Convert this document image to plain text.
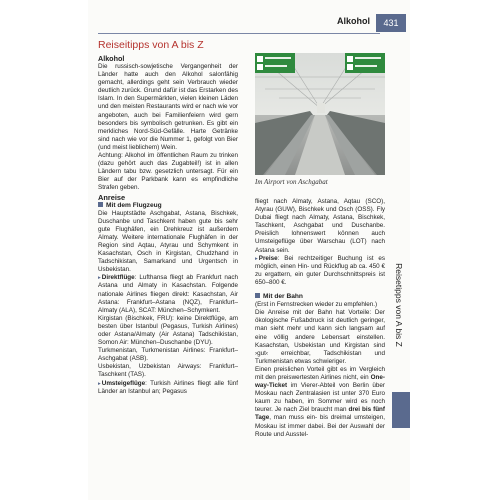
Alkohol	431
Reiseitipps von A bis Z

Alkohol

Die russisch-sowjetische Vergangenheit der Länder hatte auch den Alkohol salonfähig gemacht, allerdings geht sein Verbrauch wieder deutlich zurück. Grund dafür ist das Erstarken des Islam. In den Supermärkten, vielen kleinen Läden und den meisten Restaurants wird er nach wie vor angeboten, auch bei Familienfeiern wird gern besonders bis symbolisch getrunken. Es gibt ein merkliches Nord-Süd-Gefälle. Harte Getränke sind nach wie vor die Nummer 1, gefolgt von Bier (und meist lieblichem) Wein.

Achtung: Alkohol im öffentlichen Raum zu trinken (dazu gehört auch das Zugabteil!) ist in allen Ländern tabu bzw. gesetzlich untersagt. Für ein Bier auf der Parkbank kann es empfindliche Strafen geben.

Anreise

Mit dem Flugzeug

Die Hauptstädte Aschgabat, Astana, Bischkek, Duschanbe und Taschkent haben gute bis sehr gute Flughäfen, ein Drehkreuz ist außerdem Almaty. Weitere internationale Flughäfen in der Region sind Aqtau, Atyrau und Schymkent in Kasachstan, Osch in Kirgistan, Chudzhand in Tadschikistan, Samarkand und Urgentsch in Usbekistan.

▸Direktflüge: Lufthansa fliegt ab Frankfurt nach Astana und Almaty in Kasachstan. Folgende nationale Airlines fliegen direkt: Kasachstan, Air Astana: Frankfurt–Astana (NQZ), Frankfurt–Almaty (ALA), SCAT: München–Schymkent.

Kirgistan (Bischkek, FRU): keine Direktflüge, am besten über Istanbul (Pegasus, Turkish Airlines) oder Astana/Almaty (Air Astana) Tadschikistan, Somon Air: München–Duschanbe (DYU).

Turkmenistan, Turkmenistan Airlines: Frankfurt–Aschgabat (ASB).

Usbekistan, Uzbekistan Airways: Frankfurt–Taschkent (TAS).

▸Umsteigeflüge: Turkish Airlines fliegt alle fünf Länder an Istanbul an; Pegasus

Im Airport von Aschgabat

fliegt nach Almaty, Astana, Aqtau (SCO), Atyrau (GUW), Bischkek und Osch (OSS). Fly Dubai fliegt nach Almaty, Astana, Bischkek, Taschkent, Aschgabat und Duschanbe. Preislich lohnenswert können auch Umsteigeflüge über Warschau (LOT) nach Astana sein.

▸Preise: Bei rechtzeitiger Buchung ist es möglich, einen Hin- und Rückflug ab ca. 450 € zu ergattern, ein guter Durchschnittspreis ist 650–800 €.

Mit der Bahn

(Erst in Fernstrecken wieder zu empfehlen.)

Die Anreise mit der Bahn hat Vorteile: Der ökologische Fußabdruck ist deutlich geringer, man sieht mehr und kann sich langsam auf eine völlig andere Lebensart einstellen. Kasachstan, Usbekistan und Kirgistan sind ›gut‹ erreichbar, Tadschikistan und Turkmenistan etwas schwieriger.

Einen preislichen Vorteil gibt es im Vergleich mit den preiswertesten Airlines nicht, ein One-way-Ticket im Vierer-Abteil von Berlin über Moskau nach Zentralasien ist unter 370 Euro kaum zu haben, im Sommer wird es noch teurer. Je nach Ziel braucht man drei bis fünf Tage, man muss ein- bis dreimal umsteigen, Moskau ist immer dabei. Bei der Auswahl der Route und Ausstel-

Reisetipps von A bis Z
